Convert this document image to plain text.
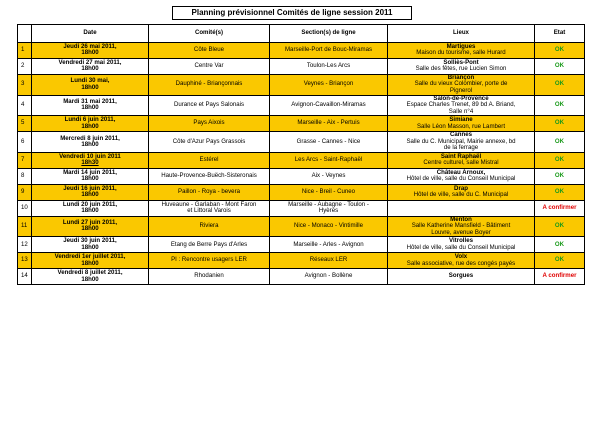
Planning prévisionnel Comités de ligne session 2011
	Date	Comité(s)	Section(s) de ligne	Lieux	Etat
1	Jeudi 26 mai 2011,
18h00	Côte Bleue	Marseille-Port de Bouc-Miramas	Martigues
Maison du tourisme, salle Hurard	OK
2	Vendredi 27 mai 2011,
18h00	Centre Var	Toulon-Les Arcs	Solliès-Pont
Salle des fêtes, rue Lucien Simon	OK
3	Lundi 30 mai,
18h00	Dauphiné - Briançonnais	Veynes - Briançon	Briançon
Salle du vieux Colombier, porte de
Pignerol	OK
4	Mardi 31 mai 2011,
18h00	Durance et Pays Salonais	Avignon-Cavaillon-Miramas	Salon-de-Provence
Espace Charles Trenet, 89 bd A. Briand,
Salle n°4	OK
5	Lundi 6 juin 2011,
18h00	Pays Aixois	Marseille - Aix - Pertuis	Simiane
Salle Léon Masson, rue Lambert	OK
6	Mercredi 8 juin 2011,
18h00	Côte d'Azur Pays Grassois	Grasse - Cannes - Nice	Cannes
Salle du C. Municipal, Mairie annexe, bd
de la ferrage	OK
7	Vendredi 10 juin 2011
18h30	Estérel	Les Arcs - Saint-Raphaël	Saint Raphaël
Centre culturel, salle Mistral	OK
8	Mardi 14 juin 2011,
18h00	Haute-Provence-Buëch-Sisteronais	Aix - Veynes	Château Arnoux,
Hôtel de ville, salle du Conseil Municipal	OK
9	Jeudi 16 juin 2011,
18h00	Paillon - Roya - bevera	Nice - Breil - Cuneo	Drap
Hôtel de ville, salle du C. Municipal	OK
10	Lundi 20 juin 2011,
18h00	Huveaune - Garlaban - Mont Faron
et Littoral Varois	Marseille - Aubagne - Toulon -
Hyères		A confirmer
11	Lundi 27 juin 2011,
18h00	Riviera	Nice - Monaco - Vintimille	Menton
Salle Katherine Mansfield - Bâtiment
Louvre, avenue Boyer	OK
12	Jeudi 30 juin 2011,
18h00	Etang de Berre Pays d'Arles	Marseille - Arles - Avignon	Vitrolles
Hôtel de ville, salle du Conseil Municipal	OK
13	Vendredi 1er juillet 2011,
18h00	PI : Rencontre usagers LER	Réseaux LER	Volx
Salle associative, rue des congés payés	OK
14	Vendredi 8 juillet 2011,
18h00	Rhodanien	Avignon - Bollène	Sorgues	A confirmer
